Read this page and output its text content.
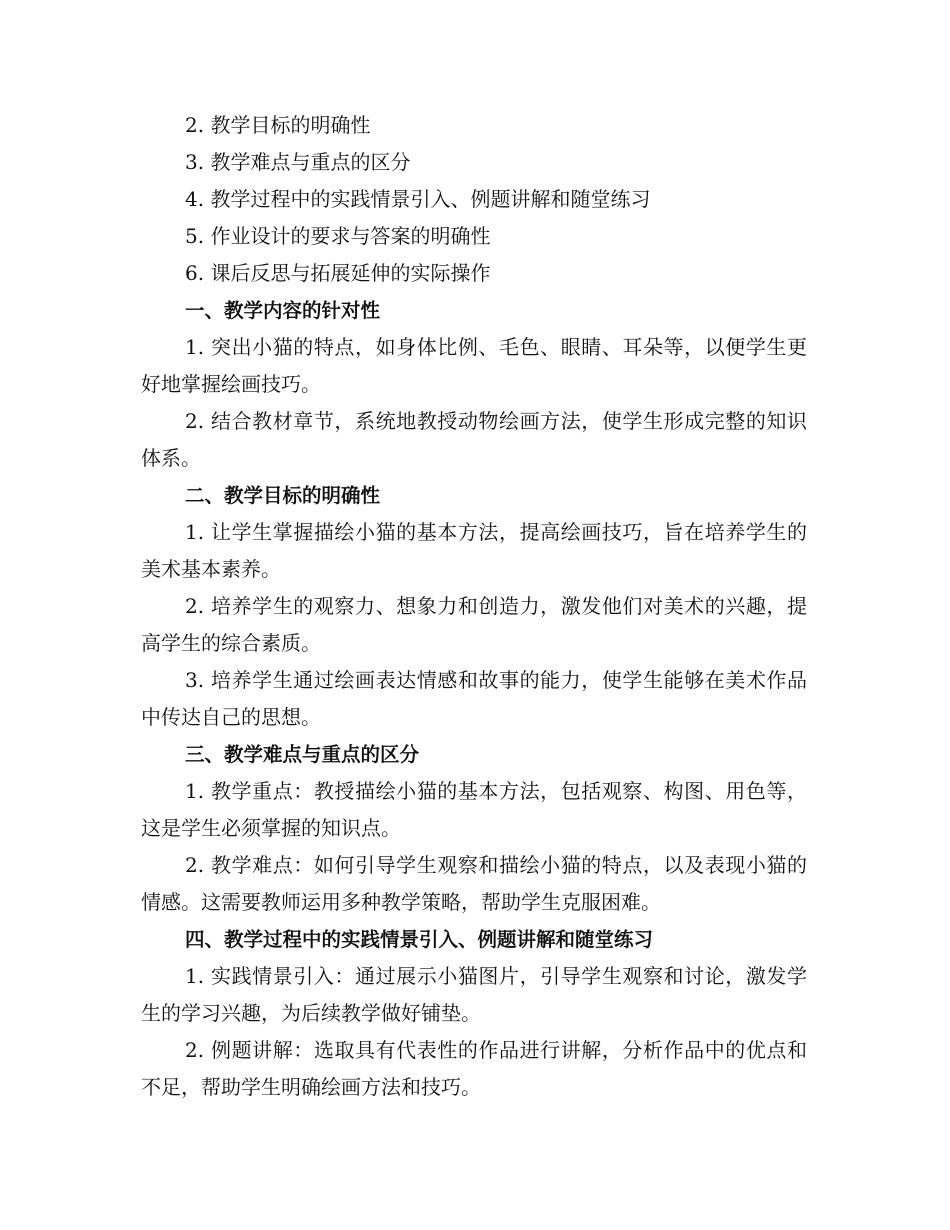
2. 教学目标的明确性

3. 教学难点与重点的区分

4. 教学过程中的实践情景引入、例题讲解和随堂练习

5. 作业设计的要求与答案的明确性

6. 课后反思与拓展延伸的实际操作

一、教学内容的针对性

1. 突出小猫的特点，如身体比例、毛色、眼睛、耳朵等，以便学生更好地掌握绘画技巧。

2. 结合教材章节，系统地教授动物绘画方法，使学生形成完整的知识体系。

二、教学目标的明确性

1. 让学生掌握描绘小猫的基本方法，提高绘画技巧，旨在培养学生的美术基本素养。

2. 培养学生的观察力、想象力和创造力，激发他们对美术的兴趣，提高学生的综合素质。

3. 培养学生通过绘画表达情感和故事的能力，使学生能够在美术作品中传达自己的思想。

三、教学难点与重点的区分

1. 教学重点：教授描绘小猫的基本方法，包括观察、构图、用色等，这是学生必须掌握的知识点。

2. 教学难点：如何引导学生观察和描绘小猫的特点，以及表现小猫的情感。这需要教师运用多种教学策略，帮助学生克服困难。

四、教学过程中的实践情景引入、例题讲解和随堂练习

1. 实践情景引入：通过展示小猫图片，引导学生观察和讨论，激发学生的学习兴趣，为后续教学做好铺垫。

2. 例题讲解：选取具有代表性的作品进行讲解，分析作品中的优点和不足，帮助学生明确绘画方法和技巧。
